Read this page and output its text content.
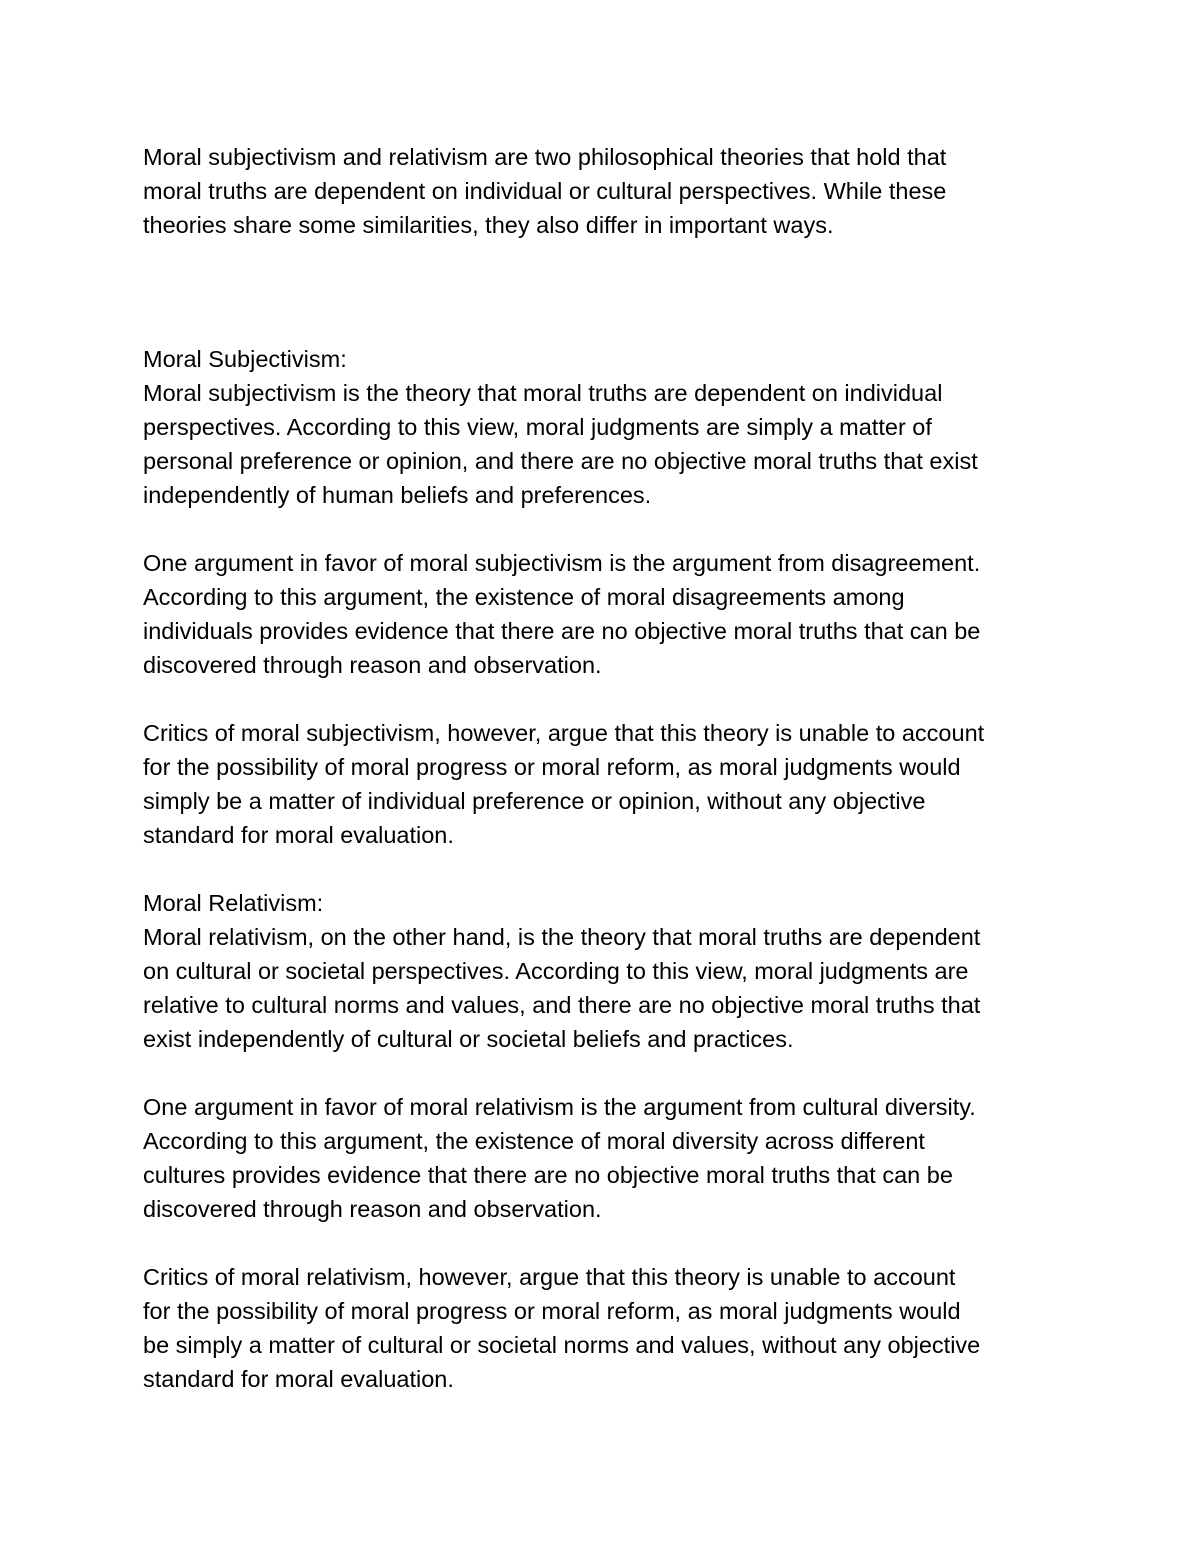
Moral subjectivism and relativism are two philosophical theories that hold that
moral truths are dependent on individual or cultural perspectives. While these
theories share some similarities, they also differ in important ways.
Moral Subjectivism:
Moral subjectivism is the theory that moral truths are dependent on individual
perspectives. According to this view, moral judgments are simply a matter of
personal preference or opinion, and there are no objective moral truths that exist
independently of human beliefs and preferences.
One argument in favor of moral subjectivism is the argument from disagreement.
According to this argument, the existence of moral disagreements among
individuals provides evidence that there are no objective moral truths that can be
discovered through reason and observation.
Critics of moral subjectivism, however, argue that this theory is unable to account
for the possibility of moral progress or moral reform, as moral judgments would
simply be a matter of individual preference or opinion, without any objective
standard for moral evaluation.
Moral Relativism:
Moral relativism, on the other hand, is the theory that moral truths are dependent
on cultural or societal perspectives. According to this view, moral judgments are
relative to cultural norms and values, and there are no objective moral truths that
exist independently of cultural or societal beliefs and practices.
One argument in favor of moral relativism is the argument from cultural diversity.
According to this argument, the existence of moral diversity across different
cultures provides evidence that there are no objective moral truths that can be
discovered through reason and observation.
Critics of moral relativism, however, argue that this theory is unable to account
for the possibility of moral progress or moral reform, as moral judgments would
be simply a matter of cultural or societal norms and values, without any objective
standard for moral evaluation.
